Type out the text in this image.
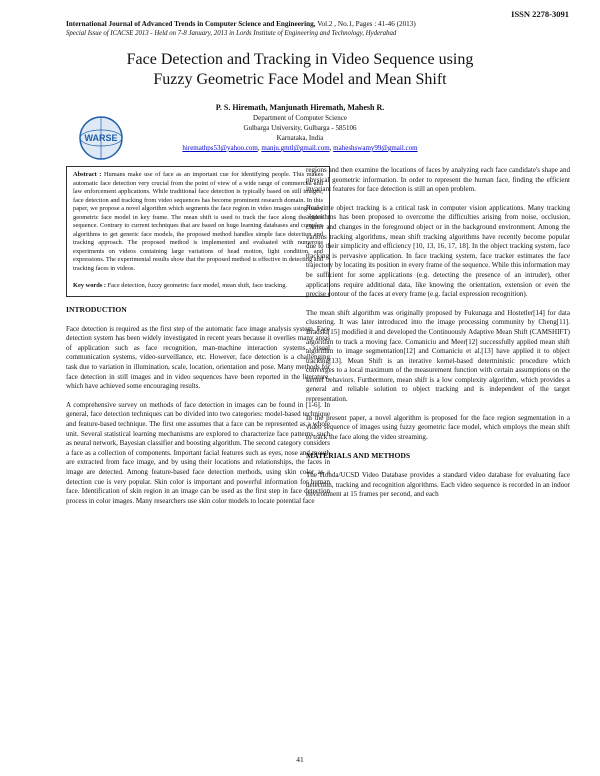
ISSN 2278-3091
International Journal of Advanced Trends in Computer Science and Engineering, Vol.2 , No.1, Pages : 41-46 (2013)
Special Issue of ICACSE 2013 - Held on 7-8 January, 2013 in Lords Institute of Engineering and Technology, Hyderabad
Face Detection and Tracking in Video Sequence using
Fuzzy Geometric Face Model and Mean Shift
P. S. Hiremath, Manjunath Hiremath, Mahesh R.
Department of Computer Science
Gulbarga University, Gulbarga - 585106
Karnataka, India
hiremathps53@yahoo.com, manju.gmtl@gmail.com, maheshswamy99@gmail.com
WARSE

Abstract : Humans make use of face as an important cue for identifying people. This makes automatic face detection very crucial from the point of view of a wide range of commercial and law enforcement applications. While traditional face detection is typically based on still images, face detection and tracking from video sequences has become prominent research domain. In this paper, we propose a novel algorithm which segments the face region in video images using fuzzy geometric face model in key frame. The mean shift is used to track the face along the video sequence. Contrary to current techniques that are based on huge learning databases and complex algorithms to get generic face models, the proposed method handles simple face detection and tracking approach. The proposed method is implemented and evaluated with numerous experiments on videos containing large variations of head motion, light condition, and expressions. The experimental results show that the proposed method is effective in detecting and tracking faces in videos.

Key words : Face detection, fuzzy geometric face model, mean shift, face tracking.

INTRODUCTION

Face detection is required as the first step of the automatic face image analysis system. Face detection system has been widely investigated in recent years because it overlies many areas of application such as face recognition, man-machine interaction systems, visual communication systems, video-surveillance, etc. However, face detection is a challenging task due to variation in illumination, scale, location, orientation and pose. Many methods for face detection in still images and in video sequences have been reported in the literature, which have achieved some encouraging results.

A comprehensive survey on methods of face detection in images can be found in [1-6]. In general, face detection techniques can be divided into two categories: model-based technique and feature-based technique. The first one assumes that a face can be represented as a whole unit. Several statistical learning mechanisms are explored to characterize face patterns, such as neural network, Bayesian classifier and boosting algorithm. The second category considers a face as a collection of components. Important facial features such as eyes, nose and mouth are extracted from face image, and by using their locations and relationships, the faces in image are detected. Among feature-based face detection methods, using skin color as a detection cue is very popular. Skin color is important and powerful information for human face. Identification of skin region in an image can be used as the first step in face detection process in color images. Many researchers use skin color models to locate potential face

regions and then examine the locations of faces by analyzing each face candidate's shape and physical geometric information. In order to represent the human face, finding the efficient invariant features for face detection is still an open problem.

Real-time object tracking is a critical task in computer vision applications. Many tracking algorithms has been proposed to overcome the difficulties arising from noise, occlusion, clutter and changes in the foreground object or in the background environment. Among the various tracking algorithms, mean shift tracking algorithms have recently become popular due to their simplicity and efficiency [10, 13, 16, 17, 18]. In the object tracking system, face tracking is pervasive application. In face tracking system, face tracker estimates the face trajectory by locating its position in every frame of the sequence. While this information may be sufficient for some applications (e.g. detecting the presence of an intruder), other applications require additional data, like knowing the orientation, extension or even the precise contour of the faces at every frame (e.g. facial expression recognition).

The mean shift algorithm was originally proposed by Fukunaga and Hostetler[14] for data clustering. It was later introduced into the image processing community by Cheng[11]. Bradski[15] modified it and developed the Continuously Adaptive Mean Shift (CAMSHIFT) algorithm to track a moving face. Comaniciu and Meer[12] successfully applied mean shift algorithm to image segmentation[12] and Comaniciu et al.[13] have applied it to object tracking[13]. Mean Shift is an iterative kernel-based deterministic procedure which converges to a local maximum of the measurement function with certain assumptions on the kernel behaviors. Furthermore, mean shift is a low complexity algorithm, which provides a general and reliable solution to object tracking and is independent of the target representation.

In the present paper, a novel algorithm is proposed for the face region segmentation in a video sequence of images using fuzzy geometric face model, which employs the mean shift to track the face along the video streaming.

MATERIALS AND METHODS

The Honda/UCSD Video Database provides a standard video database for evaluating face detection, tracking and recognition algorithms. Each video sequence is recorded in an indoor environment at 15 frames per second, and each

41
